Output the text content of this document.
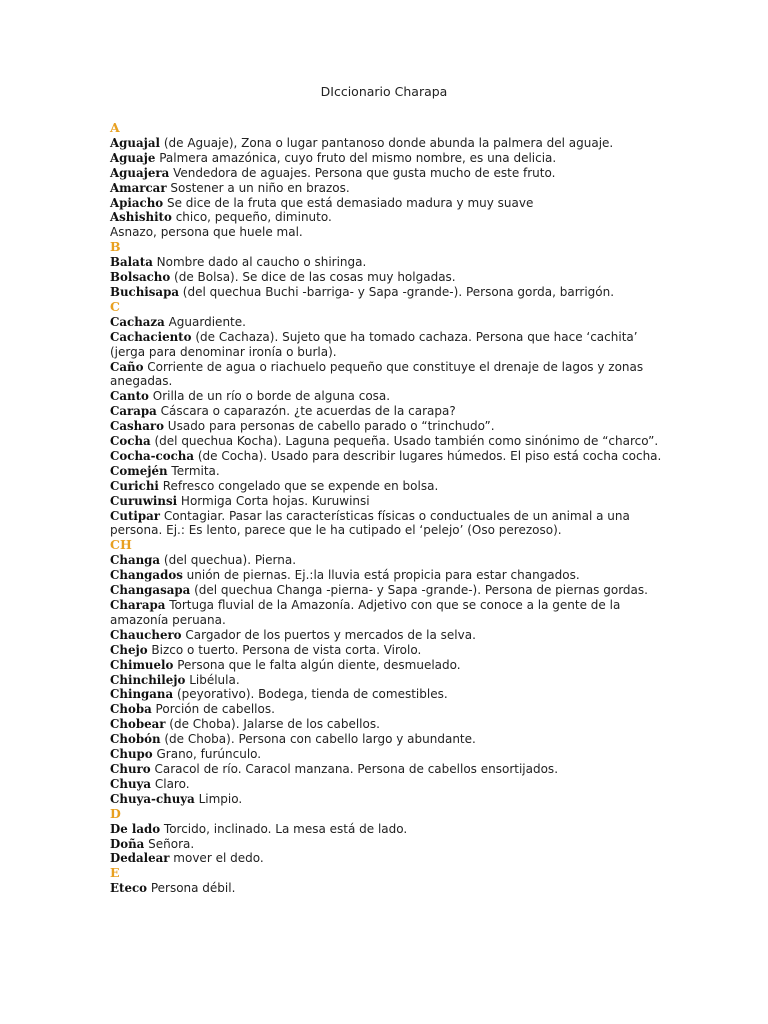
DIccionario Charapa
A
Aguajal (de Aguaje), Zona o lugar pantanoso donde abunda la palmera del aguaje.
Aguaje Palmera amazónica, cuyo fruto del mismo nombre, es una delicia.
Aguajera Vendedora de aguajes. Persona que gusta mucho de este fruto.
Amarcar Sostener a un niño en brazos.
Apiacho Se dice de la fruta que está demasiado madura y muy suave
Ashishito chico, pequeño, diminuto.
Asnazo, persona que huele mal.
B
Balata Nombre dado al caucho o shiringa.
Bolsacho (de Bolsa). Se dice de las cosas muy holgadas.
Buchisapa (del quechua Buchi -barriga- y Sapa -grande-). Persona gorda, barrigón.
C
Cachaza Aguardiente.
Cachaciento (de Cachaza). Sujeto que ha tomado cachaza. Persona que hace ‘cachita’ (jerga para denominar ironía o burla).
Caño Corriente de agua o riachuelo pequeño que constituye el drenaje de lagos y zonas anegadas.
Canto Orilla de un río o borde de alguna cosa.
Carapa Cáscara o caparazón. ¿te acuerdas de la carapa?
Casharo Usado para personas de cabello parado o “trinchudo”.
Cocha (del quechua Kocha). Laguna pequeña. Usado también como sinónimo de “charco”.
Cocha-cocha (de Cocha). Usado para describir lugares húmedos. El piso está cocha cocha.
Comején Termita.
Curichi Refresco congelado que se expende en bolsa.
Curuwinsi Hormiga Corta hojas. Kuruwinsi
Cutipar Contagiar. Pasar las características físicas o conductuales de un animal a una persona. Ej.: Es lento, parece que le ha cutipado el ‘pelejo’ (Oso perezoso).
CH
Changa (del quechua). Pierna.
Changados unión de piernas. Ej.:la lluvia está propicia para estar changados.
Changasapa (del quechua Changa -pierna- y Sapa -grande-). Persona de piernas gordas.
Charapa Tortuga fluvial de la Amazonía. Adjetivo con que se conoce a la gente de la amazonía peruana.
Chauchero Cargador de los puertos y mercados de la selva.
Chejo Bizco o tuerto. Persona de vista corta. Virolo.
Chimuelo Persona que le falta algún diente, desmuelado.
Chinchilejo Libélula.
Chingana (peyorativo). Bodega, tienda de comestibles.
Choba Porción de cabellos.
Chobear (de Choba). Jalarse de los cabellos.
Chobón (de Choba). Persona con cabello largo y abundante.
Chupo Grano, furúnculo.
Churo Caracol de río. Caracol manzana. Persona de cabellos ensortijados.
Chuya Claro.
Chuya-chuya Limpio.
D
De lado Torcido, inclinado. La mesa está de lado.
Doña Señora.
Dedalear mover el dedo.
E
Eteco Persona débil.
